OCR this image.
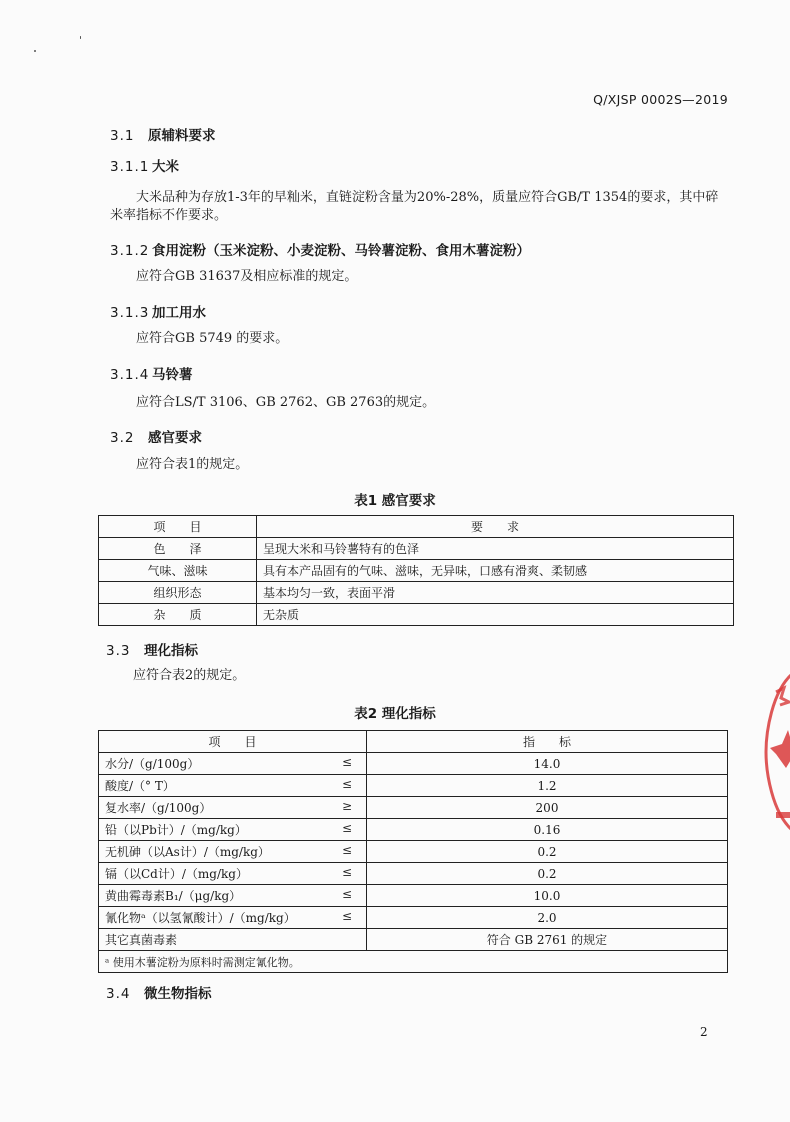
Q/XJSP 0002S—2019
3.1 原辅料要求
3.1.1 大米
大米品种为存放1-3年的早籼米，直链淀粉含量为20%-28%，质量应符合GB/T 1354的要求，其中碎
米率指标不作要求。
3.1.2 食用淀粉（玉米淀粉、小麦淀粉、马铃薯淀粉、食用木薯淀粉）
应符合GB 31637及相应标准的规定。
3.1.3 加工用水
应符合GB 5749 的要求。
3.1.4 马铃薯
应符合LS/T 3106、GB 2762、GB 2763的规定。
3.2 感官要求
应符合表1的规定。
表1 感官要求
项　　目	要　　求
色　　泽	呈现大米和马铃薯特有的色泽
气味、滋味	具有本产品固有的气味、滋味，无异味，口感有滑爽、柔韧感
组织形态	基本均匀一致，表面平滑
杂　　质	无杂质
3.3 理化指标
应符合表2的规定。
表2 理化指标
项　　目	指　　标
水分/（g/100g） ≤	14.0
酸度/（° T） ≤	1.2
复水率/（g/100g） ≥	200
铅（以Pb计）/（mg/kg） ≤	0.16
无机砷（以As计）/（mg/kg） ≤	0.2
镉（以Cd计）/（mg/kg） ≤	0.2
黄曲霉毒素B₁/（μg/kg） ≤	10.0
氰化物ᵃ（以氢氰酸计）/（mg/kg） ≤	2.0
其它真菌毒素	符合 GB 2761 的规定
ᵃ 使用木薯淀粉为原料时需测定氰化物。	
3.4 微生物指标
2
